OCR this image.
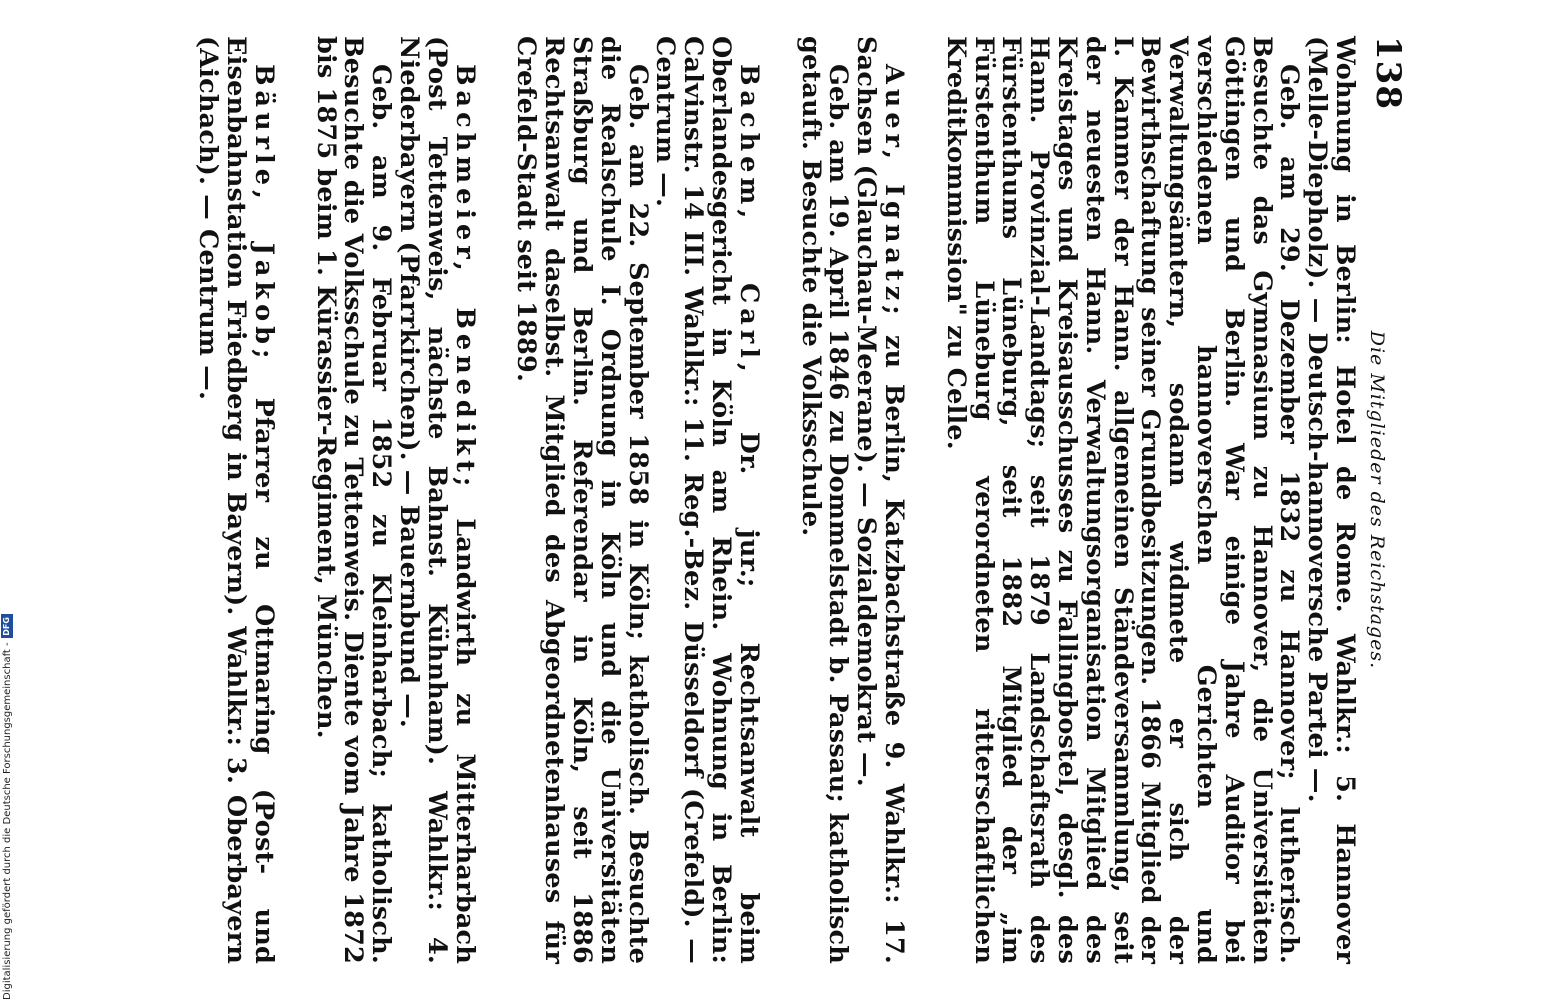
138
Die Mitglieder des Reichstages.

Wohnung in Berlin: Hotel de Rome. Wahlkr.: 5. Hannover (Melle-Diepholz). — Deutsch-hannoversche Partei —.

Geb. am 29. Dezember 1832 zu Hannover; lutherisch. Besuchte das Gymnasium zu Hannover, die Universitäten Göttingen und Berlin. War einige Jahre Auditor bei verschiedenen hannoverschen Gerichten und Verwaltungsämtern, sodann widmete er sich der Bewirthschaftung seiner Grundbesitzungen. 1866 Mitglied der I. Kammer der Hann. allgemeinen Ständeversammlung, seit der neuesten Hann. Verwaltungsorganisation Mitglied des Kreistages und Kreisausschusses zu Fallingbostel, desgl. des Hann. Provinzial-Landtags; seit 1879 Landschaftsrath des Fürstenthums Lüneburg, seit 1882 Mitglied der „im Fürstenthum Lüneburg verordneten ritterschaftlichen Kreditkommission" zu Celle.

Auer, Ignatz; zu Berlin, Katzbachstraße 9. Wahlkr.: 17. Sachsen (Glauchau-Meerane). — Sozialdemokrat —.

Geb. am 19. April 1846 zu Dommelstadt b. Passau; katholisch getauft. Besuchte die Volksschule.

Bachem, Carl, Dr. jur.; Rechtsanwalt beim Oberlandesgericht in Köln am Rhein. Wohnung in Berlin: Calvinstr. 14 III. Wahlkr.: 11. Reg.-Bez. Düsseldorf (Crefeld). — Centrum —.

Geb. am 22. September 1858 in Köln; katholisch. Besuchte die Realschule I. Ordnung in Köln und die Universitäten Straßburg und Berlin. Referendar in Köln, seit 1886 Rechtsanwalt daselbst. Mitglied des Abgeordnetenhauses für Crefeld-Stadt seit 1889.

Bachmeier, Benedikt; Landwirth zu Mitterharbach (Post Tettenweis, nächste Bahnst. Kühnham). Wahlkr.: 4. Niederbayern (Pfarrkirchen). — Bauernbund —.

Geb. am 9. Februar 1852 zu Kleinharbach; katholisch. Besuchte die Volksschule zu Tettenweis. Diente vom Jahre 1872 bis 1875 beim 1. Kürassier-Regiment, München.

Bäurle, Jakob; Pfarrer zu Ottmaring (Post- und Eisenbahnstation Friedberg in Bayern). Wahlkr.: 3. Oberbayern (Aichach). — Centrum —.

Digitalisierung gefördert durch die Deutsche Forschungsgemeinschaft -DFG
